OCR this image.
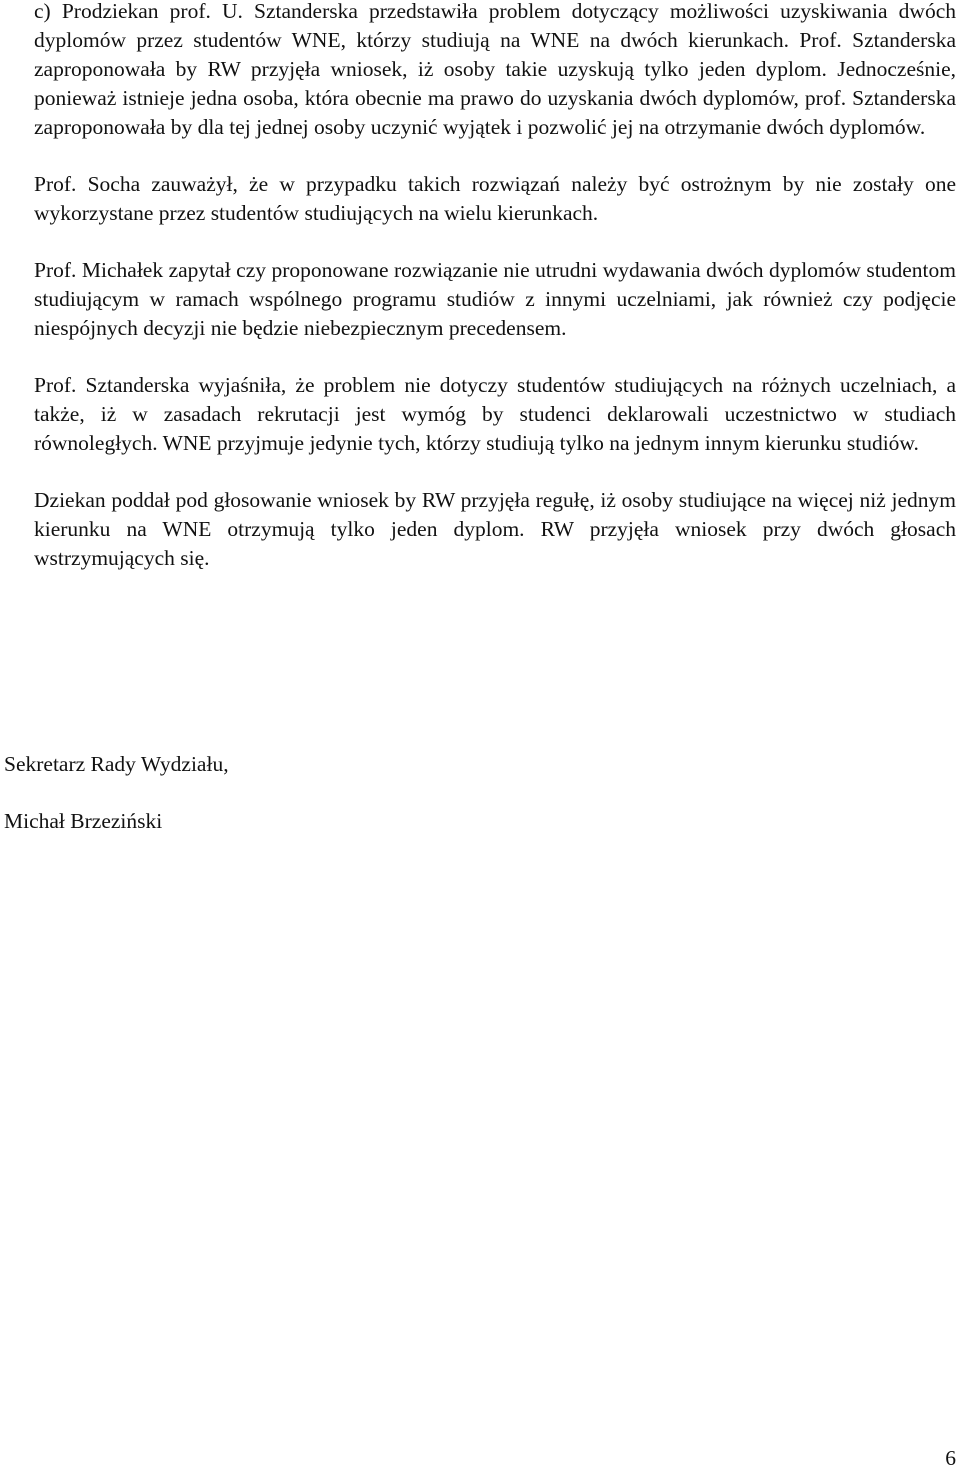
c) Prodziekan prof. U. Sztanderska przedstawiła problem dotyczący możliwości uzyskiwania dwóch dyplomów przez studentów WNE, którzy studiują na WNE na dwóch kierunkach. Prof. Sztanderska zaproponowała by RW przyjęła wniosek, iż osoby takie uzyskują tylko jeden dyplom. Jednocześnie, ponieważ istnieje jedna osoba, która obecnie ma prawo do uzyskania dwóch dyplomów, prof. Sztanderska zaproponowała by dla tej jednej osoby uczynić wyjątek i pozwolić jej na otrzymanie dwóch dyplomów.

Prof. Socha zauważył, że w przypadku takich rozwiązań należy być ostrożnym by nie zostały one wykorzystane przez studentów studiujących na wielu kierunkach.

Prof. Michałek zapytał czy proponowane rozwiązanie nie utrudni wydawania dwóch dyplomów studentom studiującym w ramach wspólnego programu studiów z innymi uczelniami, jak również czy podjęcie niespójnych decyzji nie będzie niebezpiecznym precedensem.

Prof. Sztanderska wyjaśniła, że problem nie dotyczy studentów studiujących na różnych uczelniach, a także, iż w zasadach rekrutacji jest wymóg by studenci deklarowali uczestnictwo w studiach równoległych. WNE przyjmuje jedynie tych, którzy studiują tylko na jednym innym kierunku studiów.

Dziekan poddał pod głosowanie wniosek by RW przyjęła regułę, iż osoby studiujące na więcej niż jednym kierunku na WNE otrzymują tylko jeden dyplom. RW przyjęła wniosek przy dwóch głosach wstrzymujących się.

Sekretarz Rady Wydziału,
Michał Brzeziński
6
